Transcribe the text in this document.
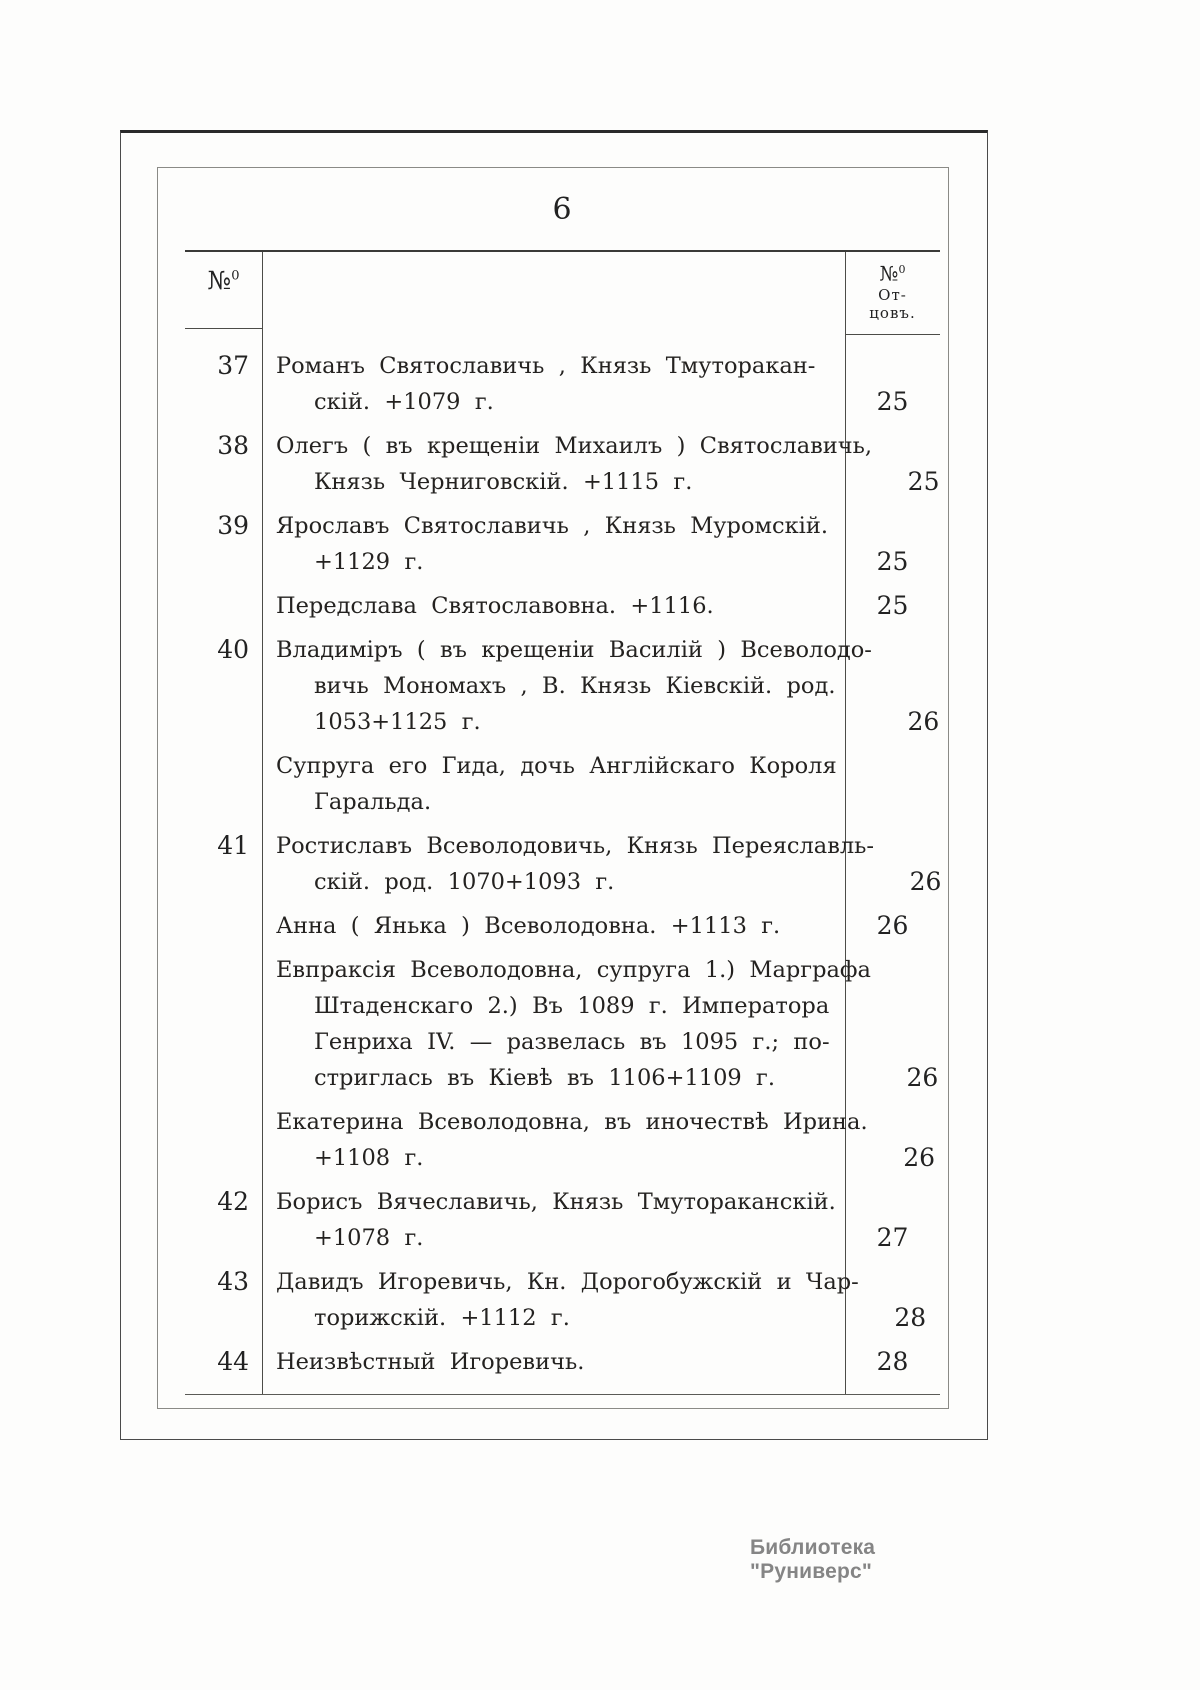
6
№$^0$	№$^0$
От-
цовъ.
37	Романъ Святославичь , Князь Тмуторакан-
скій. +1079 г.	25
38	Олегъ ( въ крещеніи Михаилъ ) Святославичь,
Князь Черниговскій. +1115 г.	25
39	Ярославъ Святославичь , Князь Муромскій.
+1129 г.	25
Передслава Святославовна. +1116.	25
40	Владиміръ ( въ крещеніи Василій ) Всеволодо-
вичь Мономахъ , В. Князь Кіевскій. род.
1053+1125 г.	26
Супруга его Гида, дочь Англійскаго Короля
Гаральда.
41	Ростиславъ Всеволодовичь, Князь Переяславль-
скій. род. 1070+1093 г.	26
Анна ( Янька ) Всеволодовна. +1113 г.	26
Евпраксія Всеволодовна, супруга 1.) Марграфа
Штаденскаго 2.) Въ 1089 г. Императора
Генриха IV. — развелась въ 1095 г.; по-
стриглась въ Кіевѣ въ 1106+1109 г.	26
Екатерина Всеволодовна, въ иночествѣ Ирина.
+1108 г.	26
42	Борисъ Вячеславичь, Князь Тмутораканскій.
+1078 г.	27
43	Давидъ Игоревичь, Кн. Дорогобужскій и Чар-
торижскій. +1112 г.	28
44	Неизвѣстный Игоревичь.	28
Библиотека "Руниверс"
